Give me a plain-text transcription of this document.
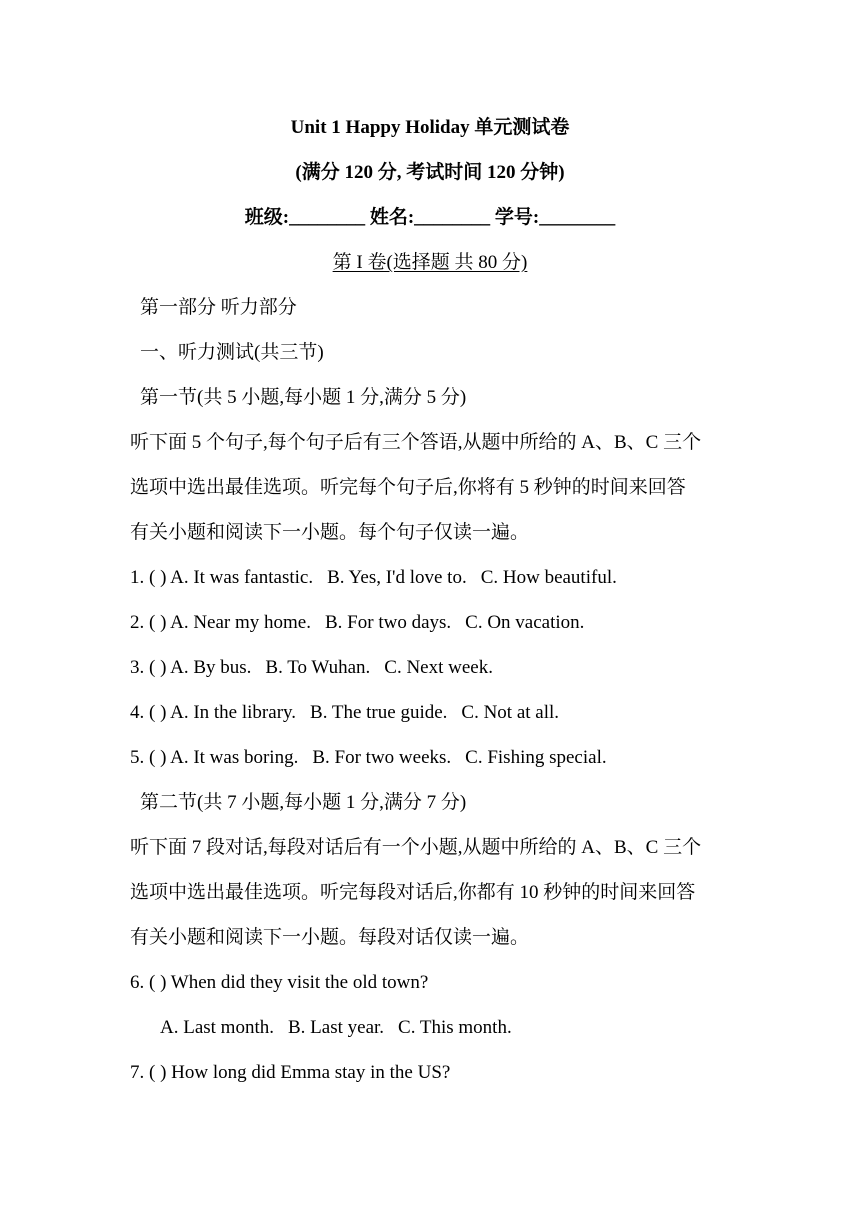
Unit 1 Happy Holiday 单元测试卷
(满分 120 分, 考试时间 120 分钟)
班级:________ 姓名:________ 学号:________
第 I 卷(选择题 共 80 分)
第一部分 听力部分
一、听力测试(共三节)
第一节(共 5 小题,每小题 1 分,满分 5 分)
听下面 5 个句子,每个句子后有三个答语,从题中所给的 A、B、C 三个
选项中选出最佳选项。听完每个句子后,你将有 5 秒钟的时间来回答
有关小题和阅读下一小题。每个句子仅读一遍。
1. ( ) A. It was fantastic. B. Yes, I'd love to. C. How beautiful.
2. ( ) A. Near my home. B. For two days. C. On vacation.
3. ( ) A. By bus. B. To Wuhan. C. Next week.
4. ( ) A. In the library. B. The true guide. C. Not at all.
5. ( ) A. It was boring. B. For two weeks. C. Fishing special.
第二节(共 7 小题,每小题 1 分,满分 7 分)
听下面 7 段对话,每段对话后有一个小题,从题中所给的 A、B、C 三个
选项中选出最佳选项。听完每段对话后,你都有 10 秒钟的时间来回答
有关小题和阅读下一小题。每段对话仅读一遍。
6. ( ) When did they visit the old town?
A. Last month. B. Last year. C. This month.
7. ( ) How long did Emma stay in the US?
